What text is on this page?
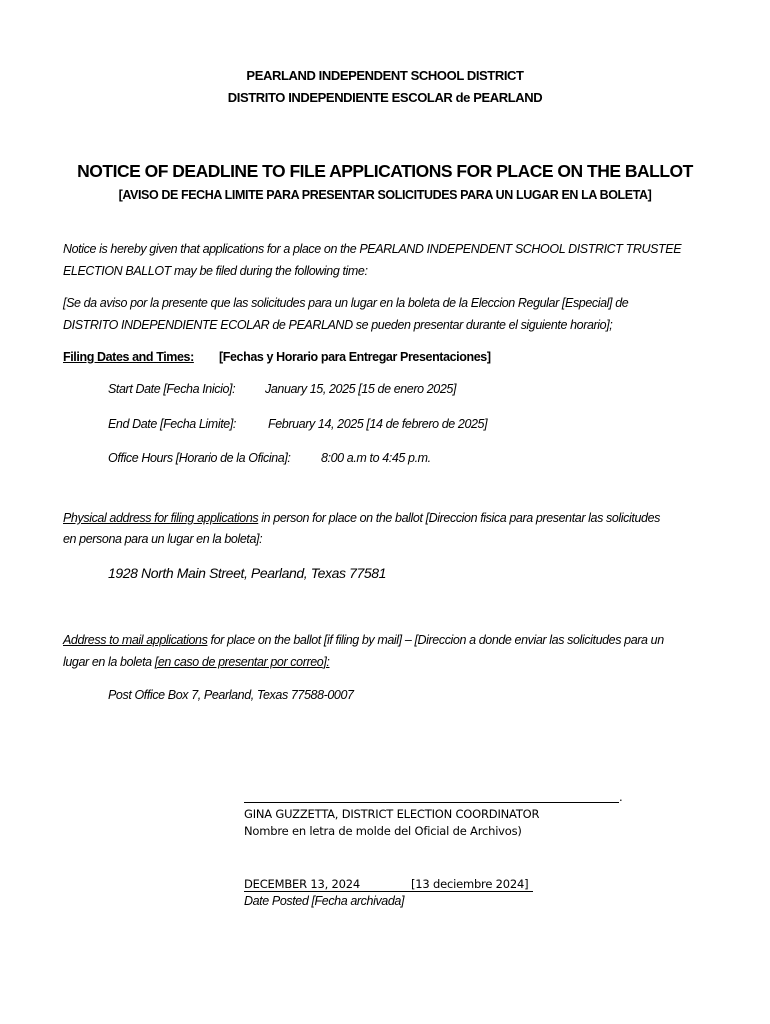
PEARLAND INDEPENDENT SCHOOL DISTRICT
DISTRITO INDEPENDIENTE ESCOLAR de PEARLAND
NOTICE OF DEADLINE TO FILE APPLICATIONS FOR PLACE ON THE BALLOT
[AVISO DE FECHA LIMITE PARA PRESENTAR SOLICITUDES PARA UN LUGAR EN LA BOLETA]
Notice is hereby given that applications for a place on the PEARLAND INDEPENDENT SCHOOL DISTRICT TRUSTEE
ELECTION BALLOT may be filed during the following time:
[Se da aviso por la presente que las solicitudes para un lugar en la boleta de la Eleccion Regular [Especial] de
DISTRITO INDEPENDIENTE ECOLAR de PEARLAND se pueden presentar durante el siguiente horario];
Filing Dates and Times: [Fechas y Horario para Entregar Presentaciones]
Start Date [Fecha Inicio]: January 15, 2025 [15 de enero 2025]
End Date [Fecha Limite]:	February 14, 2025 [14 de febrero de 2025]
Office Hours [Horario de la Oficina]: 8:00 a.m to 4:45 p.m.
Physical address for filing applications in person for place on the ballot [Direccion fisica para presentar las solicitudes
en persona para un lugar en la boleta]:
1928 North Main Street, Pearland, Texas 77581
Address to mail applications for place on the ballot [if filing by mail] – [Direccion a donde enviar las solicitudes para un
lugar en la boleta [en caso de presentar por correo]:
Post Office Box 7, Pearland, Texas 77588-0007
.
GINA GUZZETTA, DISTRICT ELECTION COORDINATOR
Nombre en letra de molde del Oficial de Archivos)
DECEMBER 13, 2024	[13 deciembre 2024]
Date Posted [Fecha archivada]
